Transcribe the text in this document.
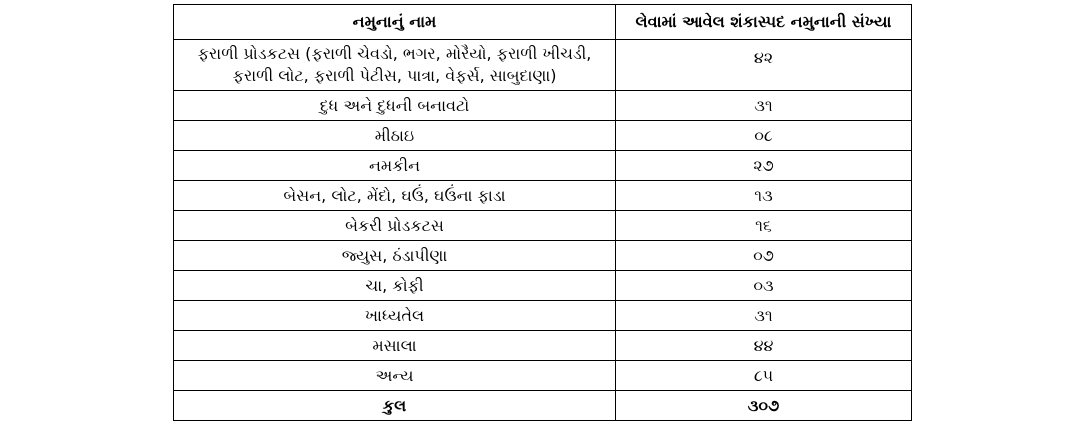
નમુનાનું નામ	લેવામાં આવેલ શંકાસ્પદ નમુનાની સંખ્યા
ફરાળી પ્રોડકટસ (ફરાળી ચેવડો, ભગર, મોરૈયો, ફરાળી ખીચડી, ફરાળી લોટ, ફરાળી પેટીસ, પાત્રા, વેફર્સ, સાબુદાણા)	૪૨
દુધ અને દુધની બનાવટો	૩૧
મીઠાઇ	૦૮
નમકીન	૨૭
બેસન, લોટ, મેંદો, ઘઉં, ઘઉંના ફાડા	૧૩
બેકરી પ્રોડકટસ	૧૬
જ્યુસ, ઠંડાપીણા	૦૭
ચા, કોફી	૦૩
ખાધ્યતેલ	૩૧
મસાલા	૪૪
અન્ય	૮૫
કુલ	૩૦૭
